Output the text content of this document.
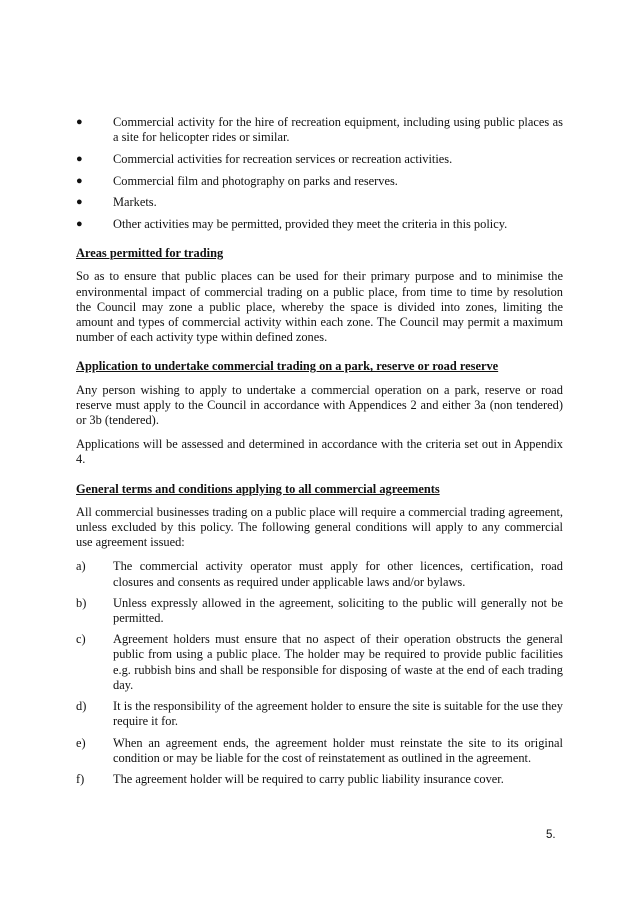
●	Commercial activity for the hire of recreation equipment, including using public places as a site for helicopter rides or similar.
●	Commercial activities for recreation services or recreation activities.
●	Commercial film and photography on parks and reserves.
●	Markets.
●	Other activities may be permitted, provided they meet the criteria in this policy.
Areas permitted for trading

So as to ensure that public places can be used for their primary purpose and to minimise the environmental impact of commercial trading on a public place, from time to time by resolution the Council may zone a public place, whereby the space is divided into zones, limiting the amount and types of commercial activity within each zone. The Council may permit a maximum number of each activity type within defined zones.

Application to undertake commercial trading on a park, reserve or road reserve

Any person wishing to apply to undertake a commercial operation on a park, reserve or road reserve must apply to the Council in accordance with Appendices 2 and either 3a (non tendered) or 3b (tendered).

Applications will be assessed and determined in accordance with the criteria set out in Appendix 4.

General terms and conditions applying to all commercial agreements

All commercial businesses trading on a public place will require a commercial trading agreement, unless excluded by this policy. The following general conditions will apply to any commercial use agreement issued:

a)	The commercial activity operator must apply for other licences, certification, road closures and consents as required under applicable laws and/or bylaws.
b)	Unless expressly allowed in the agreement, soliciting to the public will generally not be permitted.
c)	Agreement holders must ensure that no aspect of their operation obstructs the general public from using a public place. The holder may be required to provide public facilities e.g. rubbish bins and shall be responsible for disposing of waste at the end of each trading day.
d)	It is the responsibility of the agreement holder to ensure the site is suitable for the use they require it for.
e)	When an agreement ends, the agreement holder must reinstate the site to its original condition or may be liable for the cost of reinstatement as outlined in the agreement.
f)	The agreement holder will be required to carry public liability insurance cover.
5.
